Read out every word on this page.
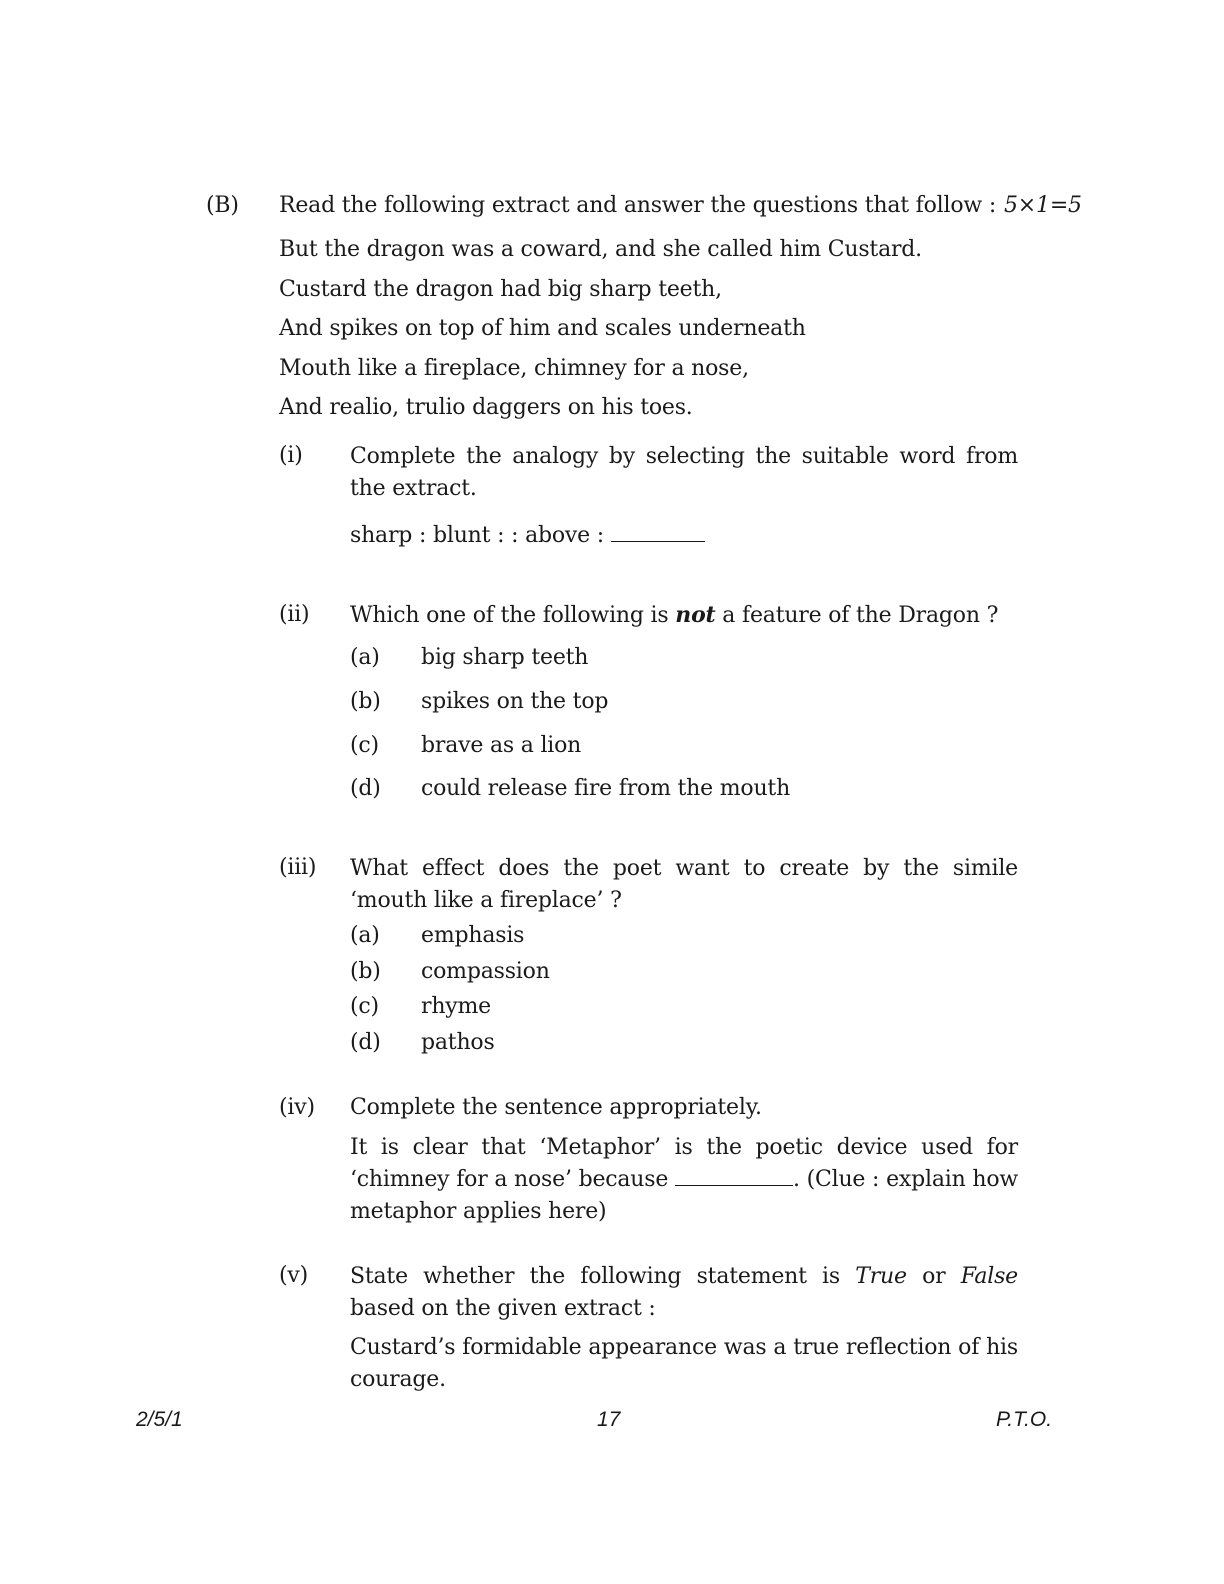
(B) Read the following extract and answer the questions that follow : 5×1=5
But the dragon was a coward, and she called him Custard.
Custard the dragon had big sharp teeth,
And spikes on top of him and scales underneath
Mouth like a fireplace, chimney for a nose,
And realio, trulio daggers on his toes.
(i) Complete the analogy by selecting the suitable word from the extract.
sharp : blunt : : above :
(ii) Which one of the following is not a feature of the Dragon ?
(a) big sharp teeth
(b) spikes on the top
(c) brave as a lion
(d) could release fire from the mouth
(iii) What effect does the poet want to create by the simile ‘mouth like a fireplace’ ?
(a) emphasis
(b) compassion
(c) rhyme
(d) pathos
(iv) Complete the sentence appropriately.
It is clear that ‘Metaphor’ is the poetic device used for ‘chimney for a nose’ because	. (Clue : explain how metaphor applies here)
(v) State whether the following statement is True or False based on the given extract :
Custard’s formidable appearance was a true reflection of his courage.
2/5/1	17	P.T.O.
